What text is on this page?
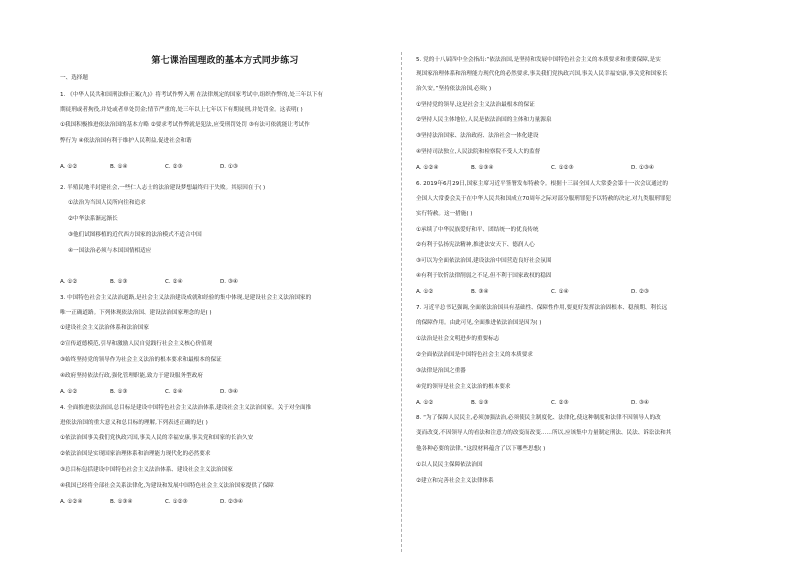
第七课治国理政的基本方式同步练习
一、选择题
1. 《中华人民共和国刑法修正案(九)》将考试作弊入刑 在法律规定的国家考试中,组织作弊的,处三年以下有
期徒刑或者拘役,并处或者单处罚金;情节严重的,处三年以上七年以下有期徒刑,并处罚金。这表明( )
①我国积极推进依法治国的基本方略 ②要求考试作弊就是犯法,应受刑罚处罚 ③有法可依就能让考试作
弊行为 ④依法治国有利于维护人民利益,促进社会和谐
A. ①②	B. ①④	C. ②③	D. ①③
2. 半殖民地半封建社会,一些仁人志士的法治建设梦想最终归于失败。其原因在于( )
①法治为当国人民所向往和追求
②中华法系渐远渐长
③他们试图移植的近代西方国家的法治模式不适合中国
④一国法治必须与本国国情相适应
A. ①②	B. ①③	C. ②④	D. ③④
3. 中国特色社会主义法治道路,是社会主义法治建设成就和经验的集中体现,是建设社会主义法治国家的
唯一正确道路。下列体现依法治国、建设法治国家理念的是( )
①建设社会主义法治体系和法治国家
②宣传道德模范,引导和激励人民自觉践行社会主义核心价值观
③始终坚持党的领导作为社会主义法治的根本要求和最根本的保证
④政府坚持依法行政,强化管理职能,致力于建设服务型政府
A. ①②	B. ①③	C. ②④	D. ③④
4. 全面推进依法治国,总目标是建设中国特色社会主义法治体系,建设社会主义法治国家。关于对全面推
进依法治国的重大意义和总目标的理解,下列表述正确的是( )
①依法治国事关我们党执政兴国,事关人民的幸福安康,事关党和国家的长治久安
②依法治国是实现国家治理体系和治理能力现代化的必然要求
③总目标包括建设中国特色社会主义法治体系、建设社会主义法治国家
④我国已经将全部社会关系法律化,为建设和发展中国特色社会主义法治国家提供了保障
A. ①②④	B. ①③④	C. ①②③	D. ②③④
5. 党的十八届四中全会指出:“依法治国,是坚持和发展中国特色社会主义的本质要求和重要保障,是实
现国家治理体系和治理能力现代化的必然要求,事关我们党执政兴国,事关人民幸福安康,事关党和国家长
治久安。”坚持依法治国,必须( )
①坚持党的领导,这是社会主义法治最根本的保证
②坚持人民主体地位,人民是依法治国的主体和力量源泉
③坚持法治国家、法治政府、法治社会一体化建设
④坚持司法独立,人民法院和检察院不受人大的监督
A. ①②④	B. ①③④	C. ①②③	D. ①③④
6. 2019年6月29日,国家主席习近平签署发布特赦令。根据十三届全国人大常委会第十一次会议通过的
全国人大常委会关于在中华人民共和国成立70周年之际对部分服刑罪犯予以特赦的决定,对九类服刑罪犯
实行特赦。这一措施( )
①承续了中华民族爱好和平、团结统一的优良传统
②有利于弘扬宪法精神,推进法安天下、德润人心
③可以为全面依法治国,建设法治中国营造良好社会氛围
④有利于钦忻法律削弱之不足,但不利于国家政权的稳固
A. ①②	B. ③④	C. ①④	D. ②③
7. 习近平总书记强调,全面依法治国具有基础性、保障性作用,要更好发挥法治固根本、稳预期、利长远
的保障作用。由此可见,全面推进依法治国是因为( )
①法治是社会文明进步的重要标志
②全面依法治国是中国特色社会主义的本质要求
③法律是治国之重器
④党的领导是社会主义法治的根本要求
A. ①②	B. ①③	C. ②③	D. ③④
8. “为了保障人民民主,必须加强法治,必须使民主制度化、法律化,使这种制度和法律不因领导人的改
变而改变,不因领导人的看法和注意力的改变而改变……所以,应该集中力量制定刑法、民法、诉讼法和其
他各种必要的法律。”这段材料蕴含了以下哪些思想( )
①以人民民主保障依法治国
②建立和完善社会主义法律体系
